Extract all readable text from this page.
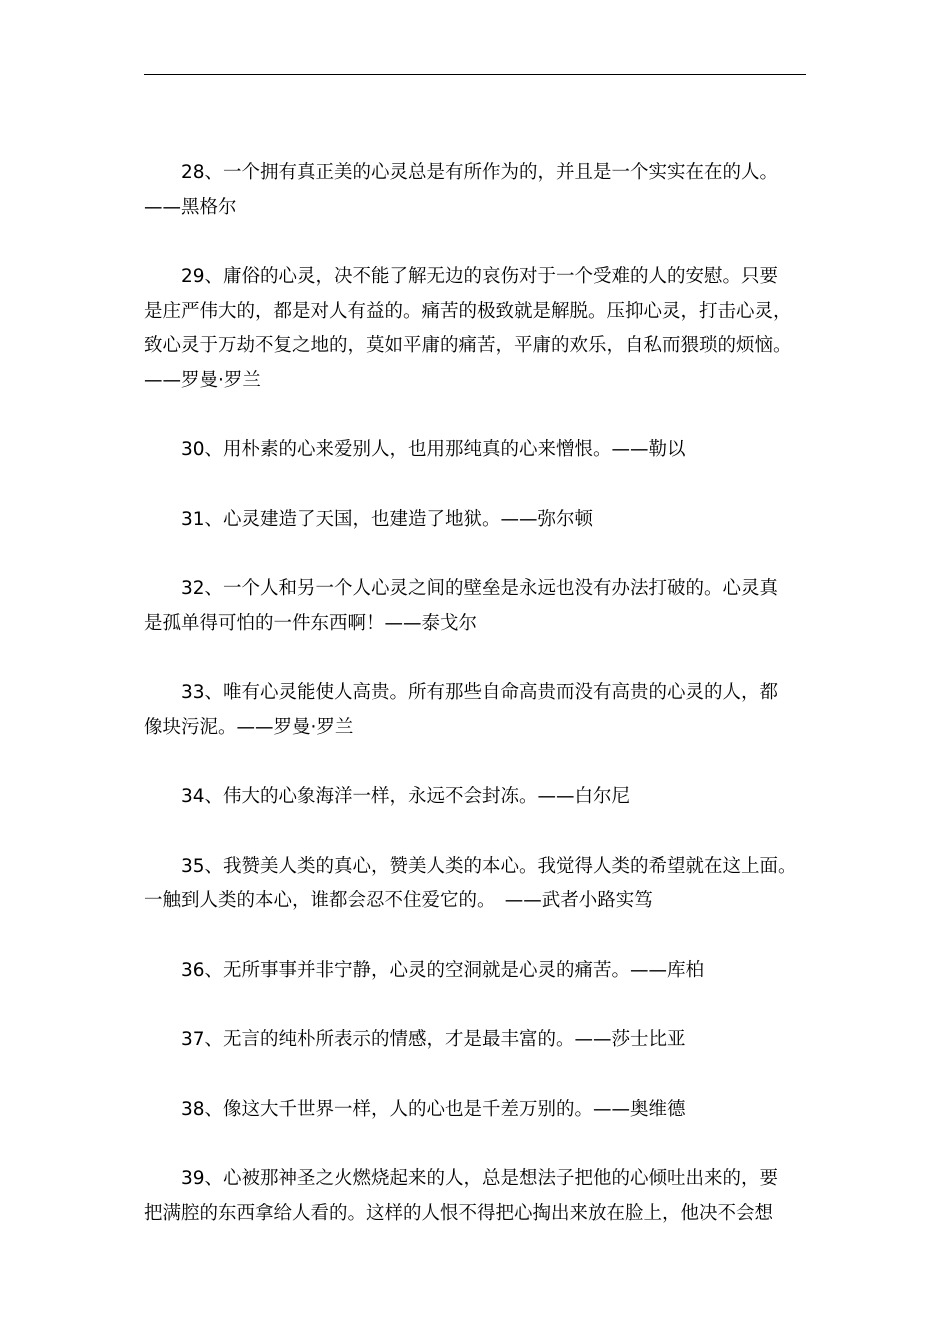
28、一个拥有真正美的心灵总是有所作为的，并且是一个实实在在的人。
——黑格尔

29、庸俗的心灵，决不能了解无边的哀伤对于一个受难的人的安慰。只要
是庄严伟大的，都是对人有益的。痛苦的极致就是解脱。压抑心灵，打击心灵，
致心灵于万劫不复之地的，莫如平庸的痛苦，平庸的欢乐，自私而猥琐的烦恼。
——罗曼·罗兰

30、用朴素的心来爱别人，也用那纯真的心来憎恨。——勒以

31、心灵建造了天国，也建造了地狱。——弥尔顿

32、一个人和另一个人心灵之间的壁垒是永远也没有办法打破的。心灵真
是孤单得可怕的一件东西啊！——泰戈尔

33、唯有心灵能使人高贵。所有那些自命高贵而没有高贵的心灵的人，都
像块污泥。——罗曼·罗兰

34、伟大的心象海洋一样，永远不会封冻。——白尔尼

35、我赞美人类的真心，赞美人类的本心。我觉得人类的希望就在这上面。
一触到人类的本心，谁都会忍不住爱它的。　——武者小路实笃

36、无所事事并非宁静，心灵的空洞就是心灵的痛苦。——库柏

37、无言的纯朴所表示的情感，才是最丰富的。——莎士比亚

38、像这大千世界一样，人的心也是千差万别的。——奥维德

39、心被那神圣之火燃烧起来的人，总是想法子把他的心倾吐出来的，要
把满腔的东西拿给人看的。这样的人恨不得把心掏出来放在脸上，他决不会想
